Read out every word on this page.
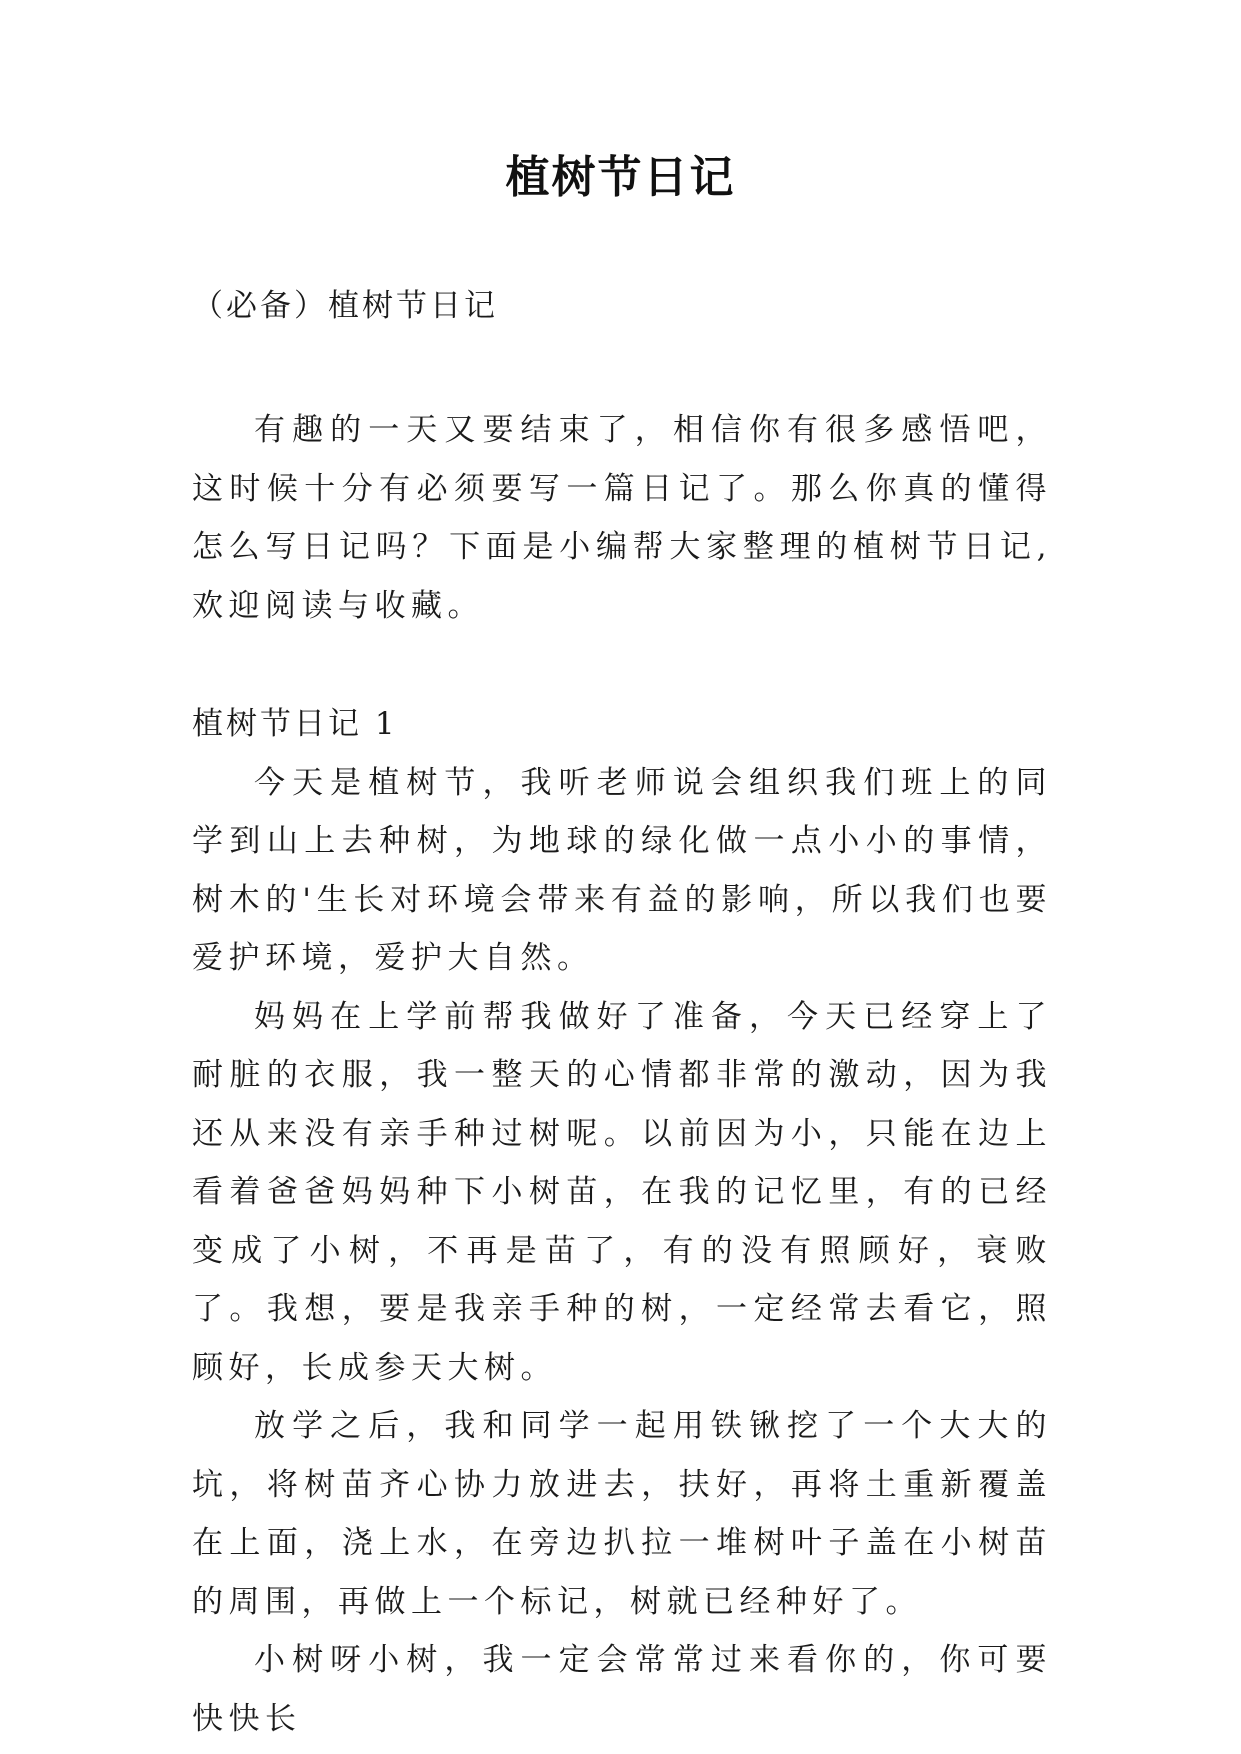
植树节日记

（必备）植树节日记

有趣的一天又要结束了，相信你有很多感悟吧，这时候十分有必须要写一篇日记了。那么你真的懂得怎么写日记吗？下面是小编帮大家整理的植树节日记,欢迎阅读与收藏。

植树节日记 1

今天是植树节，我听老师说会组织我们班上的同学到山上去种树，为地球的绿化做一点小小的事情，树木的'生长对环境会带来有益的影响，所以我们也要爱护环境，爱护大自然。

妈妈在上学前帮我做好了准备，今天已经穿上了耐脏的衣服，我一整天的心情都非常的激动，因为我还从来没有亲手种过树呢。以前因为小，只能在边上看着爸爸妈妈种下小树苗，在我的记忆里，有的已经变成了小树，不再是苗了，有的没有照顾好，衰败了。我想，要是我亲手种的树，一定经常去看它，照顾好，长成参天大树。

放学之后，我和同学一起用铁锹挖了一个大大的坑，将树苗齐心协力放进去，扶好，再将土重新覆盖在上面，浇上水，在旁边扒拉一堆树叶子盖在小树苗的周围，再做上一个标记，树就已经种好了。

小树呀小树，我一定会常常过来看你的，你可要快快长
